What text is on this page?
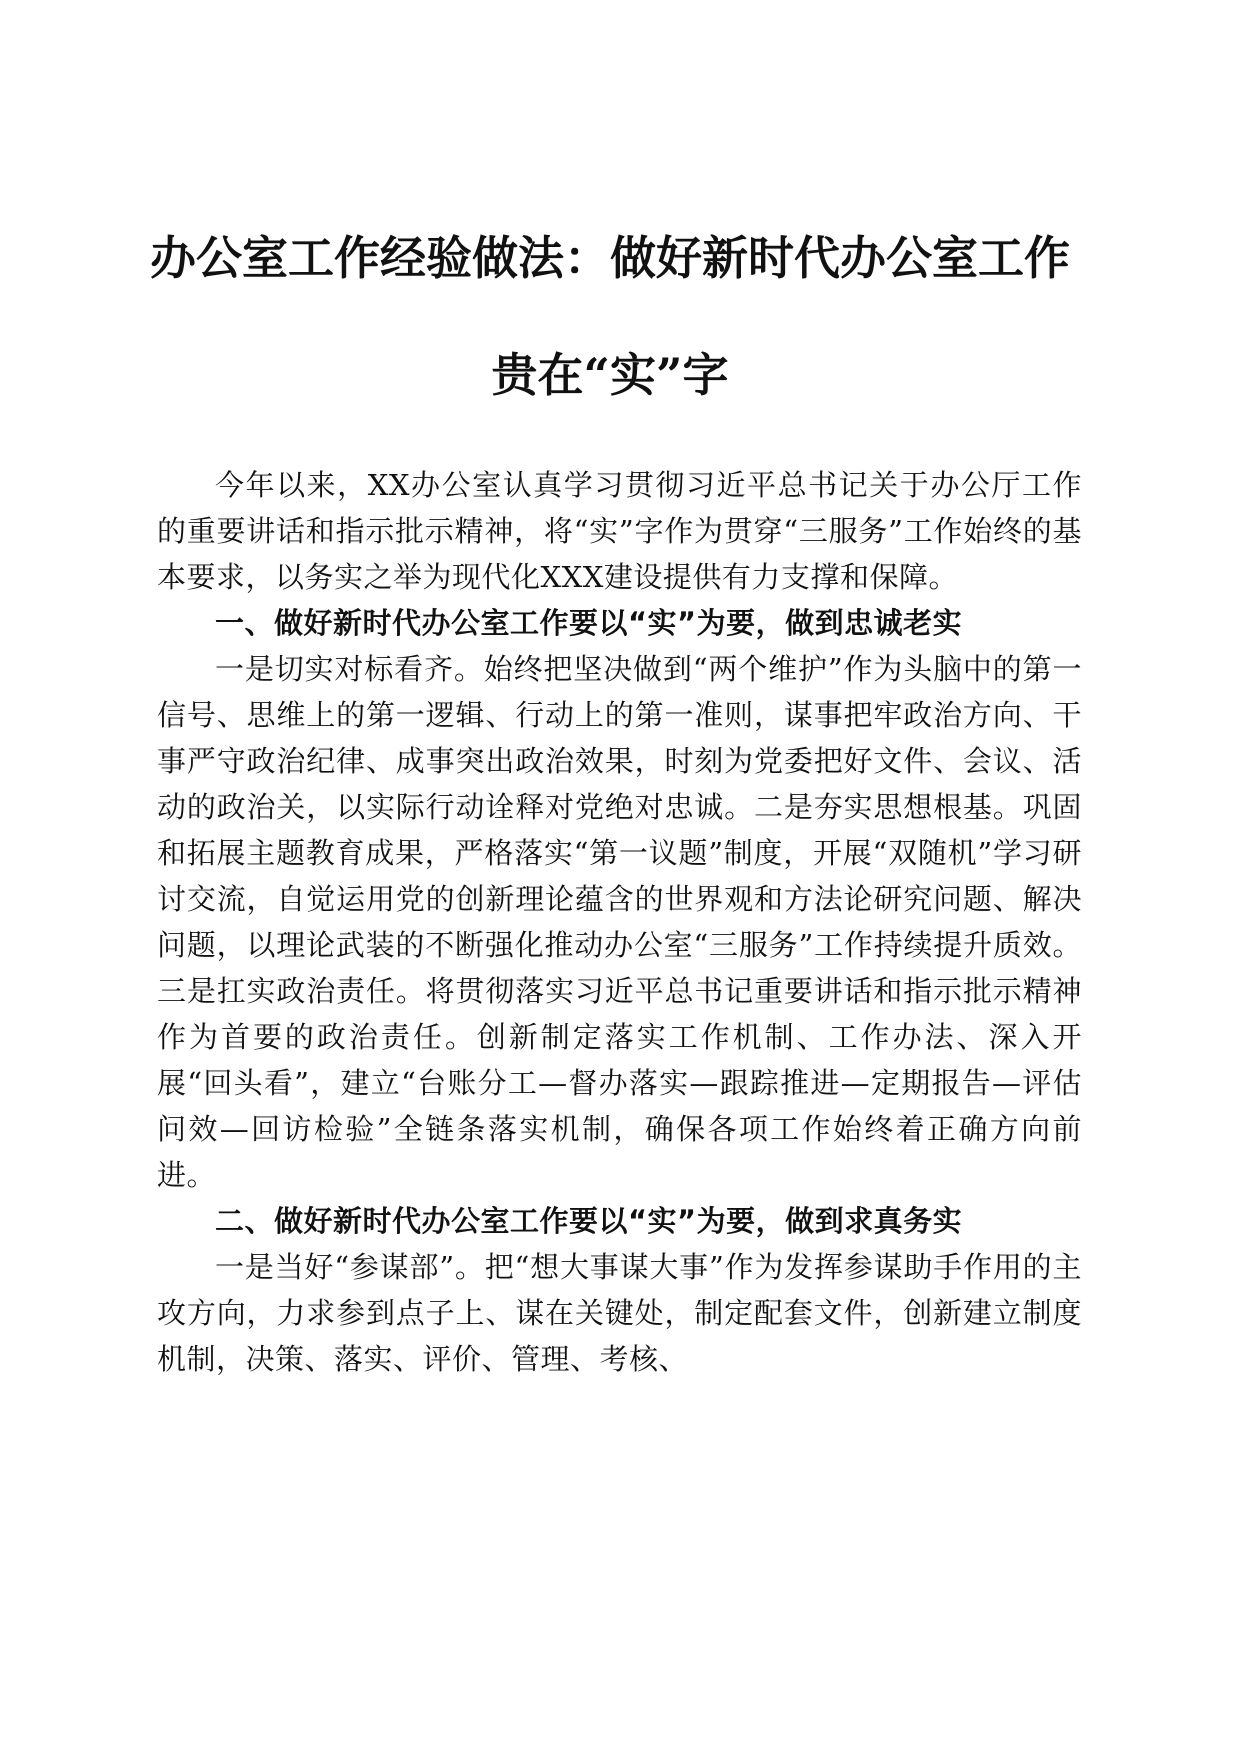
办公室工作经验做法：做好新时代办公室工作
贵在“实”字

今年以来，XX办公室认真学习贯彻习近平总书记关于办公厅工作的重要讲话和指示批示精神，将“实”字作为贯穿“三服务”工作始终的基本要求，以务实之举为现代化XXX建设提供有力支撑和保障。

一、做好新时代办公室工作要以“实”为要，做到忠诚老实

一是切实对标看齐。始终把坚决做到“两个维护”作为头脑中的第一信号、思维上的第一逻辑、行动上的第一准则，谋事把牢政治方向、干事严守政治纪律、成事突出政治效果，时刻为党委把好文件、会议、活动的政治关，以实际行动诠释对党绝对忠诚。二是夯实思想根基。巩固和拓展主题教育成果，严格落实“第一议题”制度，开展“双随机”学习研讨交流，自觉运用党的创新理论蕴含的世界观和方法论研究问题、解决问题，以理论武装的不断强化推动办公室“三服务”工作持续提升质效。三是扛实政治责任。将贯彻落实习近平总书记重要讲话和指示批示精神作为首要的政治责任。创新制定落实工作机制、工作办法、深入开展“回头看”，建立“台账分工—督办落实—跟踪推进—定期报告—评估问效—回访检验”全链条落实机制，确保各项工作始终着正确方向前进。

二、做好新时代办公室工作要以“实”为要，做到求真务实

一是当好“参谋部”。把“想大事谋大事”作为发挥参谋助手作用的主攻方向，力求参到点子上、谋在关键处，制定配套文件，创新建立制度机制，决策、落实、评价、管理、考核、
